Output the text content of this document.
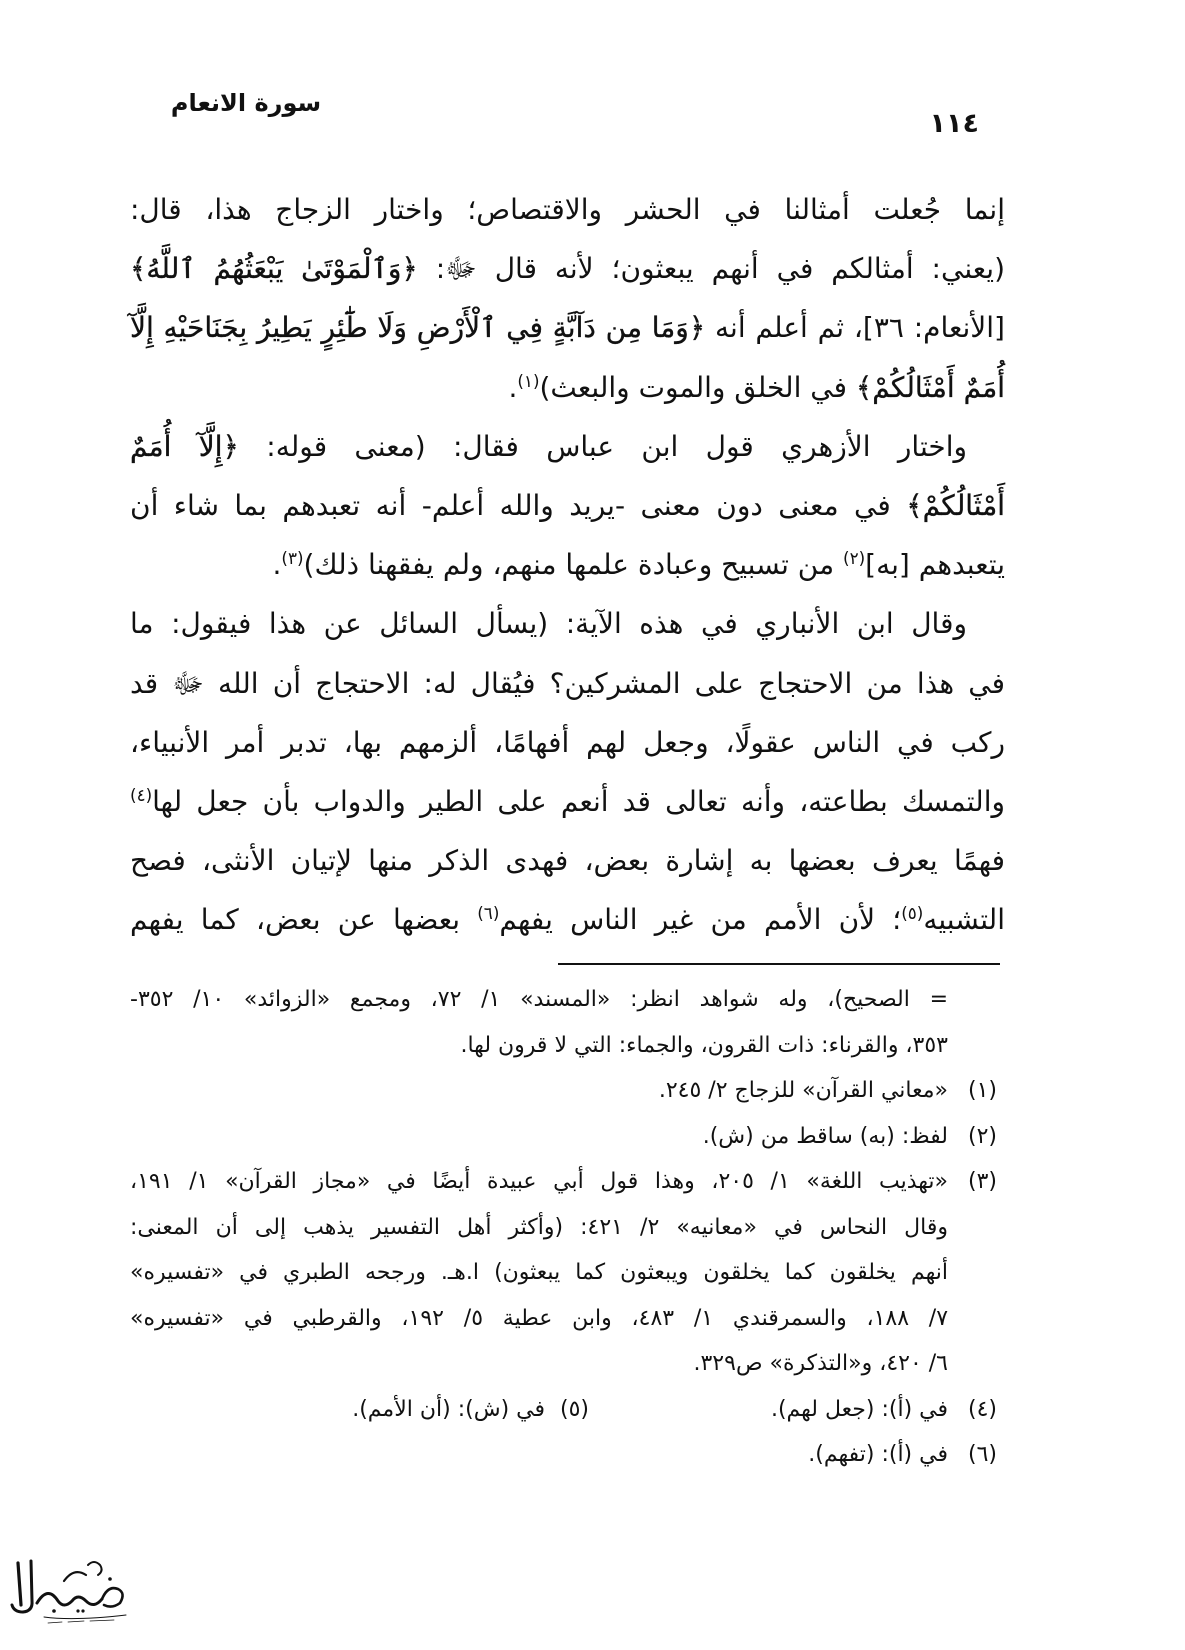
سورة الانعام
١١٤
إنما جُعلت أمثالنا في الحشر والاقتصاص؛ واختار الزجاج هذا، قال:
(يعني: أمثالكم في أنهم يبعثون؛ لأنه قال ﷻ: ﴿وَٱلْمَوْتَىٰ يَبْعَثُهُمُ ٱللَّهُ﴾
[الأنعام: ٣٦]، ثم أعلم أنه ﴿وَمَا مِن دَآبَّةٍ فِي ٱلْأَرْضِ وَلَا طَٰٓئِرٍ يَطِيرُ بِجَنَاحَيْهِ إِلَّآ
أُمَمٌ أَمْثَالُكُمْ﴾ في الخلق والموت والبعث)$^{(١)}$.
واختار الأزهري قول ابن عباس فقال: (معنى قوله: ﴿إِلَّآ أُمَمٌ
أَمْثَالُكُمْ﴾ في معنى دون معنى -يريد والله أعلم- أنه تعبدهم بما شاء أن
يتعبدهم [به]$^{(٢)}$ من تسبيح وعبادة علمها منهم، ولم يفقهنا ذلك)$^{(٣)}$.
وقال ابن الأنباري في هذه الآية: (يسأل السائل عن هذا فيقول: ما
في هذا من الاحتجاج على المشركين؟ فيُقال له: الاحتجاج أن الله ﷻ قد
ركب في الناس عقولًا، وجعل لهم أفهامًا، ألزمهم بها، تدبر أمر الأنبياء،
والتمسك بطاعته، وأنه تعالى قد أنعم على الطير والدواب بأن جعل لها$^{(٤)}$
فهمًا يعرف بعضها به إشارة بعض، فهدى الذكر منها لإتيان الأنثى، فصح
التشبيه$^{(٥)}$؛ لأن الأمم من غير الناس يفهم$^{(٦)}$ بعضها عن بعض، كما يفهم
= الصحيح)، وله شواهد انظر: «المسند» ١/ ٧٢، ومجمع «الزوائد» ١٠/ ٣٥٢-
٣٥٣، والقرناء: ذات القرون، والجماء: التي لا قرون لها.
(١)
«معاني القرآن» للزجاج ٢/ ٢٤٥.
(٢)
لفظ: (به) ساقط من (ش).
(٣)
«تهذيب اللغة» ١/ ٢٠٥، وهذا قول أبي عبيدة أيضًا في «مجاز القرآن» ١/ ١٩١،
وقال النحاس في «معانيه» ٢/ ٤٢١: (وأكثر أهل التفسير يذهب إلى أن المعنى:
أنهم يخلقون كما يخلقون ويبعثون كما يبعثون) ا.هـ. ورجحه الطبري في «تفسيره»
٧/ ١٨٨، والسمرقندي ١/ ٤٨٣، وابن عطية ٥/ ١٩٢، والقرطبي في «تفسيره»
٦/ ٤٢٠، و«التذكرة» ص٣٢٩.
(٤)
في (أ): (جعل لهم).
(٥)
في (ش): (أن الأمم).
(٦)
في (أ): (تفهم).
